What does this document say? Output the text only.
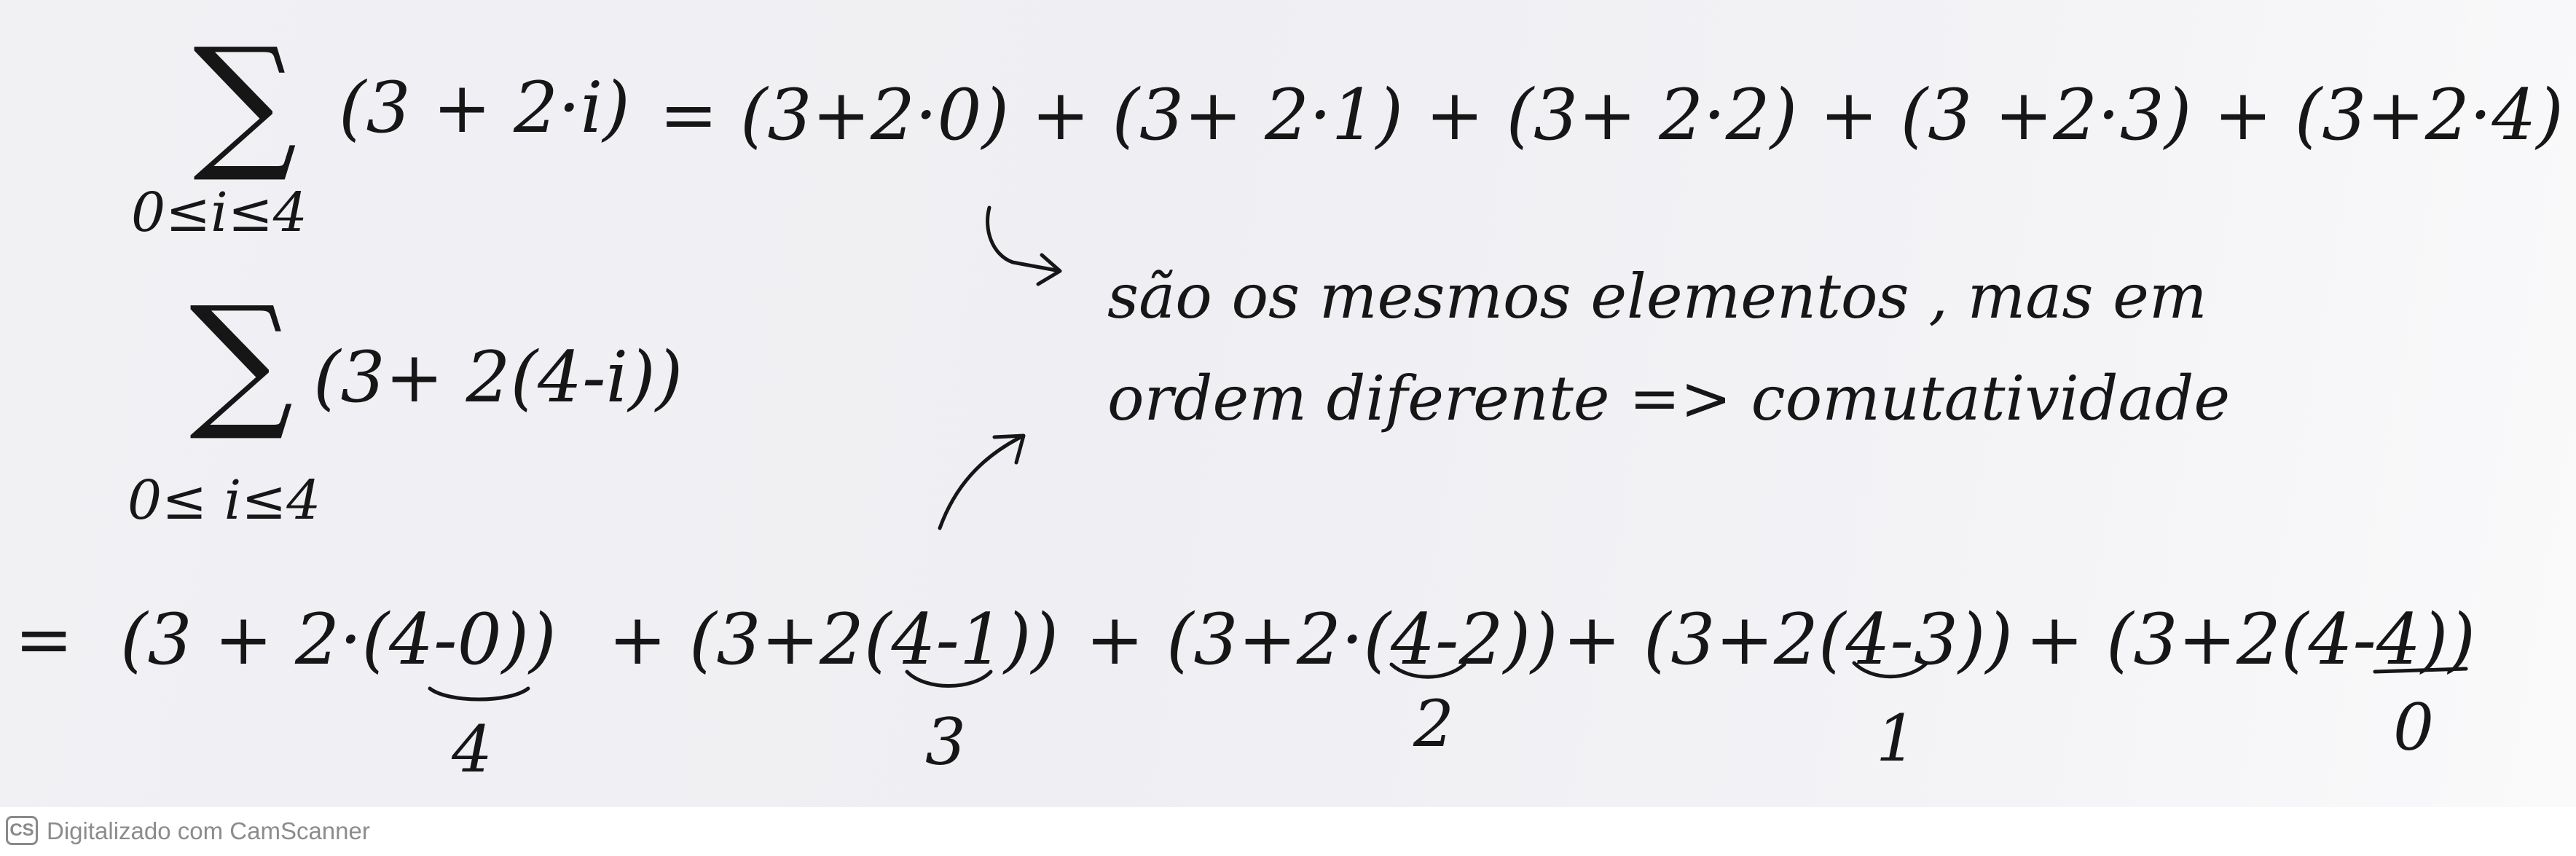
∑ (3 + 2·i)
0≤i≤4
= (3+2·0) + (3+ 2·1) + (3+ 2·2) + (3 +2·3) + (3+2·4)
∑ (3+ 2(4-i))
0≤ i≤4
são os mesmos elementos , mas em
ordem diferente => comutatividade
= (3 + 2·(4-0)) + (3+2(4-1)) + (3+2·(4-2)) + (3+2(4-3)) + (3+2(4-4))
4	3	2	1	0
CS Digitalizado com CamScanner
